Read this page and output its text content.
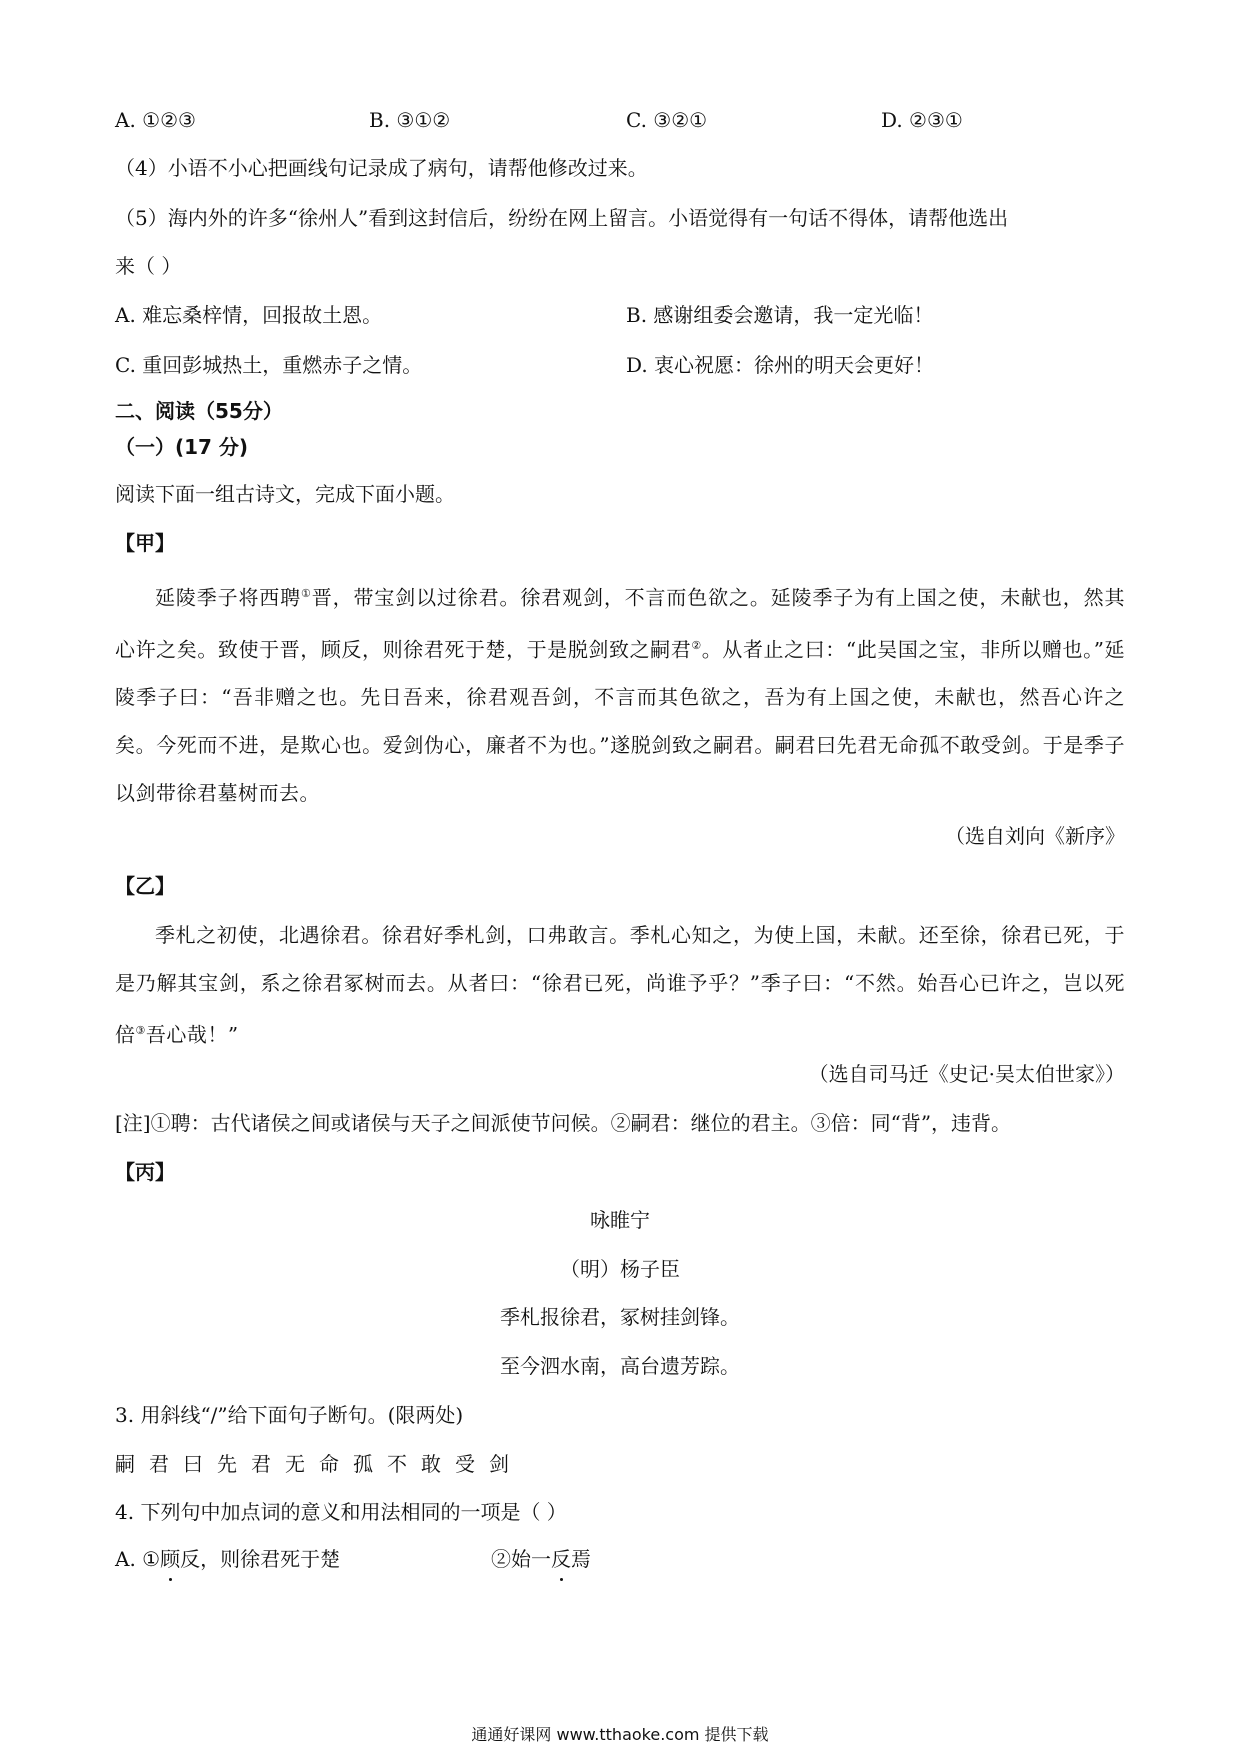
A. ①②③	B. ③①②	C. ③②①	D. ②③①
（4）小语不小心把画线句记录成了病句，请帮他修改过来。
（5）海内外的许多“徐州人”看到这封信后，纷纷在网上留言。小语觉得有一句话不得体，请帮他选出
来（ ）
A. 难忘桑梓情，回报故土恩。	B. 感谢组委会邀请，我一定光临！
C. 重回彭城热土，重燃赤子之情。	D. 衷心祝愿：徐州的明天会更好！
二、阅读（55分）
（一）(17 分)
阅读下面一组古诗文，完成下面小题。
【甲】
延陵季子将西聘①晋，带宝剑以过徐君。徐君观剑，不言而色欲之。延陵季子为有上国之使，未献也，然其心许之矣。致使于晋，顾反，则徐君死于楚，于是脱剑致之嗣君②。从者止之曰：“此吴国之宝，非所以赠也。”延陵季子曰：“吾非赠之也。先日吾来，徐君观吾剑，不言而其色欲之，吾为有上国之使，未献也，然吾心许之矣。今死而不进，是欺心也。爱剑伪心，廉者不为也。”遂脱剑致之嗣君。嗣君曰先君无命孤不敢受剑。于是季子以剑带徐君墓树而去。
（选自刘向《新序》
【乙】
季札之初使，北遇徐君。徐君好季札剑，口弗敢言。季札心知之，为使上国，未献。还至徐，徐君已死，于是乃解其宝剑，系之徐君冢树而去。从者曰：“徐君已死，尚谁予乎？”季子曰：“不然。始吾心已许之，岂以死倍③吾心哉！”
（选自司马迁《史记·吴太伯世家》）
[注]①聘：古代诸侯之间或诸侯与天子之间派使节问候。②嗣君：继位的君主。③倍：同“背”，违背。
【丙】
咏睢宁
（明）杨子臣
季札报徐君，冢树挂剑锋。
至今泗水南，高台遗芳踪。
3. 用斜线“/”给下面句子断句。(限两处)
嗣君曰先君无命孤不敢受剑
4. 下列句中加点词的意义和用法相同的一项是（ ）
A. ①顾反，则徐君死于楚	②始一反焉
通通好课网 www.tthaoke.com 提供下载
